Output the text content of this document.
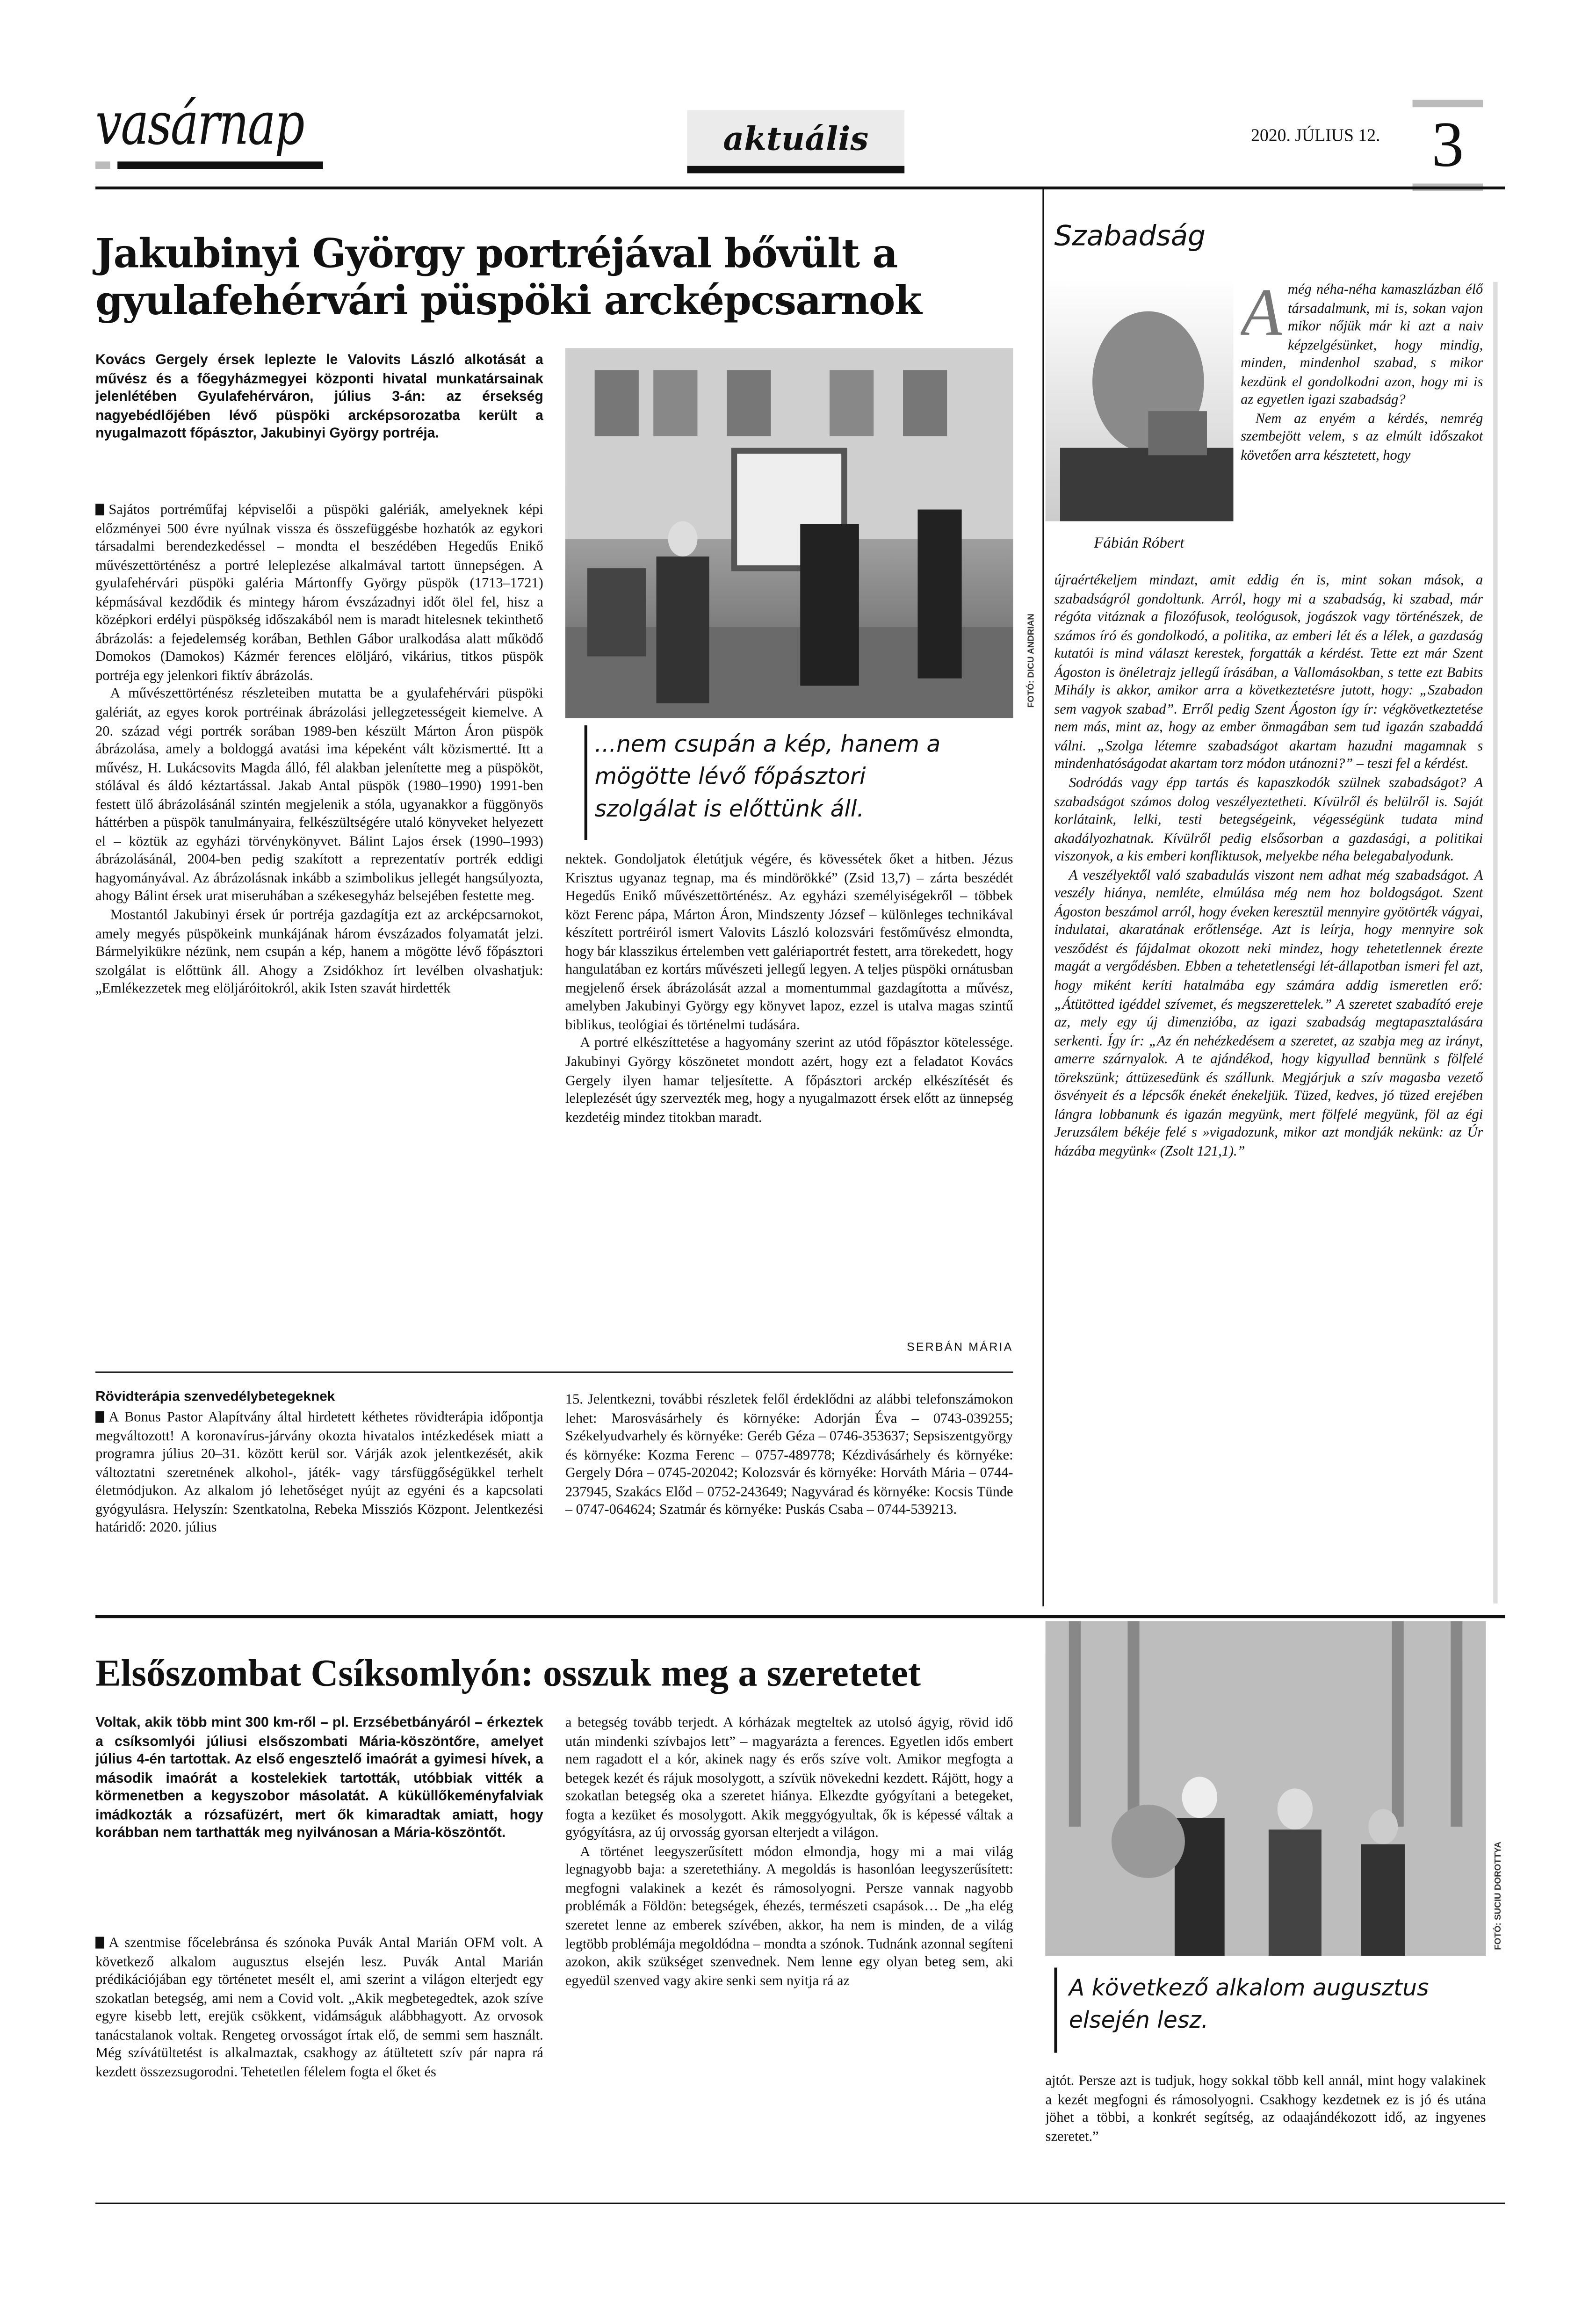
vasárnap	aktuális	2020. JÚLIUS 12.	3
Jakubinyi György portréjával bővült a gyulafehérvári püspöki arcképcsarnok
Kovács Gergely érsek leplezte le Valovits László alkotását a művész és a főegyházmegyei központi hivatal munkatársainak jelenlétében Gyulafehérváron, július 3-án: az érsekség nagyebédlőjében lévő püspöki arcképsorozatba került a nyugalmazott főpásztor, Jakubinyi György portréja.
FOTÓ: DICU ANDRIAN
...nem csupán a kép, hanem a mögötte lévő főpásztori szolgálat is előttünk áll.

Sajátos portréműfaj képviselői a püspöki galériák, amelyeknek képi előzményei 500 évre nyúlnak vissza és összefüggésbe hozhatók az egykori társadalmi berendezkedéssel – mondta el beszédében Hegedűs Enikő művészettörténész a portré leleplezése alkalmával tartott ünnepségen. A gyulafehérvári püspöki galéria Mártonffy György püspök (1713–1721) képmásával kezdődik és mintegy három évszázadnyi időt ölel fel, hisz a középkori erdélyi püspökség időszakából nem is maradt hitelesnek tekinthető ábrázolás: a fejedelemség korában, Bethlen Gábor uralkodása alatt működő Domokos (Damokos) Kázmér ferences elöljáró, vikárius, titkos püspök portréja egy jelenkori fiktív ábrázolás.

A művészettörténész részleteiben mutatta be a gyulafehérvári püspöki galériát, az egyes korok portréinak ábrázolási jellegzetességeit kiemelve. A 20. század végi portrék sorában 1989-ben készült Márton Áron püspök ábrázolása, amely a boldoggá avatási ima képeként vált közismertté. Itt a művész, H. Lukácsovits Magda álló, fél alakban jelenítette meg a püspököt, stólával és áldó kéztartással. Jakab Antal püspök (1980–1990) 1991-ben festett ülő ábrázolásánál szintén megjelenik a stóla, ugyanakkor a függönyös háttérben a püspök tanulmányaira, felkészültségére utaló könyveket helyezett el – köztük az egyházi törvénykönyvet. Bálint Lajos érsek (1990–1993) ábrázolásánál, 2004-ben pedig szakított a reprezentatív portrék eddigi hagyományával. Az ábrázolásnak inkább a szimbolikus jellegét hangsúlyozta, ahogy Bálint érsek urat miseruhában a székesegyház belsejében festette meg.

Mostantól Jakubinyi érsek úr portréja gazdagítja ezt az arcképcsarnokot, amely megyés püspökeink munkájának három évszázados folyamatát jelzi. Bármelyikükre nézünk, nem csupán a kép, hanem a mögötte lévő főpásztori szolgálat is előttünk áll. Ahogy a Zsidókhoz írt levélben olvashatjuk: „Emlékezzetek meg elöljáróitokról, akik Isten szavát hirdették

nektek. Gondoljatok életútjuk végére, és kövessétek őket a hitben. Jézus Krisztus ugyanaz tegnap, ma és mindörökké” (Zsid 13,7) – zárta beszédét Hegedűs Enikő művészettörténész. Az egyházi személyiségekről – többek közt Ferenc pápa, Márton Áron, Mindszenty József – különleges technikával készített portréiról ismert Valovits László kolozsvári festőművész elmondta, hogy bár klasszikus értelemben vett galériaportrét festett, arra törekedett, hogy hangulatában ez kortárs művészeti jellegű legyen. A teljes püspöki ornátusban megjelenő érsek ábrázolását azzal a momentummal gazdagította a művész, amelyben Jakubinyi György egy könyvet lapoz, ezzel is utalva magas szintű biblikus, teológiai és történelmi tudására.

A portré elkészíttetése a hagyomány szerint az utód főpásztor kötelessége. Jakubinyi György köszönetet mondott azért, hogy ezt a feladatot Kovács Gergely ilyen hamar teljesítette. A főpásztori arckép elkészítését és leleplezését úgy szervezték meg, hogy a nyugalmazott érsek előtt az ünnepség kezdetéig mindez titokban maradt.

SERBÁN MÁRIA
Rövidterápia szenvedélybetegeknek

A Bonus Pastor Alapítvány által hirdetett kéthetes rövidterápia időpontja megváltozott! A koronavírus-járvány okozta hivatalos intézkedések miatt a programra július 20–31. között kerül sor. Várják azok jelentkezését, akik változtatni szeretnének alkohol-, játék- vagy társfüggőségükkel terhelt életmódjukon. Az alkalom jó lehetőséget nyújt az egyéni és a kapcsolati gyógyulásra. Helyszín: Szentkatolna, Rebeka Missziós Központ. Jelentkezési határidő: 2020. július

15. Jelentkezni, további részletek felől érdeklődni az alábbi telefonszámokon lehet: Marosvásárhely és környéke: Adorján Éva – 0743-039255; Székelyudvarhely és környéke: Geréb Géza – 0746-353637; Sepsiszentgyörgy és környéke: Kozma Ferenc – 0757-489778; Kézdivásárhely és környéke: Gergely Dóra – 0745-202042; Kolozsvár és környéke: Horváth Mária – 0744-237945, Szakács Előd – 0752-243649; Nagyvárad és környéke: Kocsis Tünde – 0747-064624; Szatmár és környéke: Puskás Csaba – 0744-539213.

Szabadság
Fábián Róbert
A még néha-néha kamaszlázban élő társadalmunk, mi is, sokan vajon mikor nőjük már ki azt a naiv képzelgésünket, hogy mindig, minden, mindenhol szabad, s mikor kezdünk el gondolkodni azon, hogy mi is az egyetlen igazi szabadság?

Nem az enyém a kérdés, nemrég szembejött velem, s az elmúlt időszakot követően arra késztetett, hogy

újraértékeljem mindazt, amit eddig én is, mint sokan mások, a szabadságról gondoltunk. Arról, hogy mi a szabadság, ki szabad, már régóta vitáznak a filozófusok, teológusok, jogászok vagy történészek, de számos író és gondolkodó, a politika, az emberi lét és a lélek, a gazdaság kutatói is mind választ kerestek, forgatták a kérdést. Tette ezt már Szent Ágoston is önéletrajz jellegű írásában, a Vallomásokban, s tette ezt Babits Mihály is akkor, amikor arra a következtetésre jutott, hogy: „Szabadon sem vagyok szabad”. Erről pedig Szent Ágoston így ír: végkövetkeztetése nem más, mint az, hogy az ember önmagában sem tud igazán szabaddá válni. „Szolga létemre szabadságot akartam hazudni magamnak s mindenhatóságodat akartam torz módon utánozni?” – teszi fel a kérdést.

Sodródás vagy épp tartás és kapaszkodók szülnek szabadságot? A szabadságot számos dolog veszélyeztetheti. Kívülről és belülről is. Saját korlátaink, lelki, testi betegségeink, végességünk tudata mind akadályozhatnak. Kívülről pedig elsősorban a gazdasági, a politikai viszonyok, a kis emberi konfliktusok, melyekbe néha belegabalyodunk.

A veszélyektől való szabadulás viszont nem adhat még szabadságot. A veszély hiánya, nemléte, elmúlása még nem hoz boldogságot. Szent Ágoston beszámol arról, hogy éveken keresztül mennyire gyötörték vágyai, indulatai, akaratának erőtlensége. Azt is leírja, hogy mennyire sok vesződést és fájdalmat okozott neki mindez, hogy tehetetlennek érezte magát a vergődésben. Ebben a tehetetlenségi lét-állapotban ismeri fel azt, hogy miként keríti hatalmába egy számára addig ismeretlen erő: „Átütötted igéddel szívemet, és megszerettelek.” A szeretet szabadító ereje az, mely egy új dimenzióba, az igazi szabadság megtapasztalására serkenti. Így ír: „Az én nehézkedésem a szeretet, az szabja meg az irányt, amerre szárnyalok. A te ajándékod, hogy kigyullad bennünk s fölfelé törekszünk; áttüzesedünk és szállunk. Megjárjuk a szív magasba vezető ösvényeit és a lépcsők énekét énekeljük. Tüzed, kedves, jó tüzed erejében lángra lobbanunk és igazán megyünk, mert fölfelé megyünk, föl az égi Jeruzsálem békéje felé s »vigadozunk, mikor azt mondják nekünk: az Úr házába megyünk« (Zsolt 121,1).”

Elsőszombat Csíksomlyón: osszuk meg a szeretetet
Voltak, akik több mint 300 km-ről – pl. Erzsébetbányáról – érkeztek a csíksomlyói júliusi elsőszombati Mária-köszöntőre, amelyet július 4-én tartottak. Az első engesztelő imaórát a gyimesi hívek, a második imaórát a kostelekiek tartották, utóbbiak vitték a körmenetben a kegyszobor másolatát. A küküllőkeményfalviak imádkozták a rózsafüzért, mert ők kimaradtak amiatt, hogy korábban nem tarthatták meg nyilvánosan a Mária-köszöntőt.

A szentmise főcelebránsa és szónoka Puvák Antal Marián OFM volt. A következő alkalom augusztus elsején lesz. Puvák Antal Marián prédikációjában egy történetet mesélt el, ami szerint a világon elterjedt egy szokatlan betegség, ami nem a Covid volt. „Akik megbetegedtek, azok szíve egyre kisebb lett, erejük csökkent, vidámságuk alábbhagyott. Az orvosok tanácstalanok voltak. Rengeteg orvosságot írtak elő, de semmi sem használt. Még szívátültetést is alkalmaztak, csakhogy az átültetett szív pár napra rá kezdett összezsugorodni. Tehetetlen félelem fogta el őket és

a betegség tovább terjedt. A kórházak megteltek az utolsó ágyig, rövid idő után mindenki szívbajos lett” – magyarázta a ferences. Egyetlen idős embert nem ragadott el a kór, akinek nagy és erős szíve volt. Amikor megfogta a betegek kezét és rájuk mosolygott, a szívük növekedni kezdett. Rájött, hogy a szokatlan betegség oka a szeretet hiánya. Elkezdte gyógyítani a betegeket, fogta a kezüket és mosolygott. Akik meggyógyultak, ők is képessé váltak a gyógyításra, az új orvosság gyorsan elterjedt a világon.

A történet leegyszerűsített módon elmondja, hogy mi a mai világ legnagyobb baja: a szeretethiány. A megoldás is hasonlóan leegyszerűsített: megfogni valakinek a kezét és rámosolyogni. Persze vannak nagyobb problémák a Földön: betegségek, éhezés, természeti csapások… De „ha elég szeretet lenne az emberek szívében, akkor, ha nem is minden, de a világ legtöbb problémája megoldódna – mondta a szónok. Tudnánk azonnal segíteni azokon, akik szükséget szenvednek. Nem lenne egy olyan beteg sem, aki egyedül szenved vagy akire senki sem nyitja rá az

FOTÓ: SUCIU DOROTTYA
A következő alkalom augusztus elsején lesz.

ajtót. Persze azt is tudjuk, hogy sokkal több kell annál, mint hogy valakinek a kezét megfogni és rámosolyogni. Csakhogy kezdetnek ez is jó és utána jöhet a többi, a konkrét segítség, az odaajándékozott idő, az ingyenes szeretet.”
